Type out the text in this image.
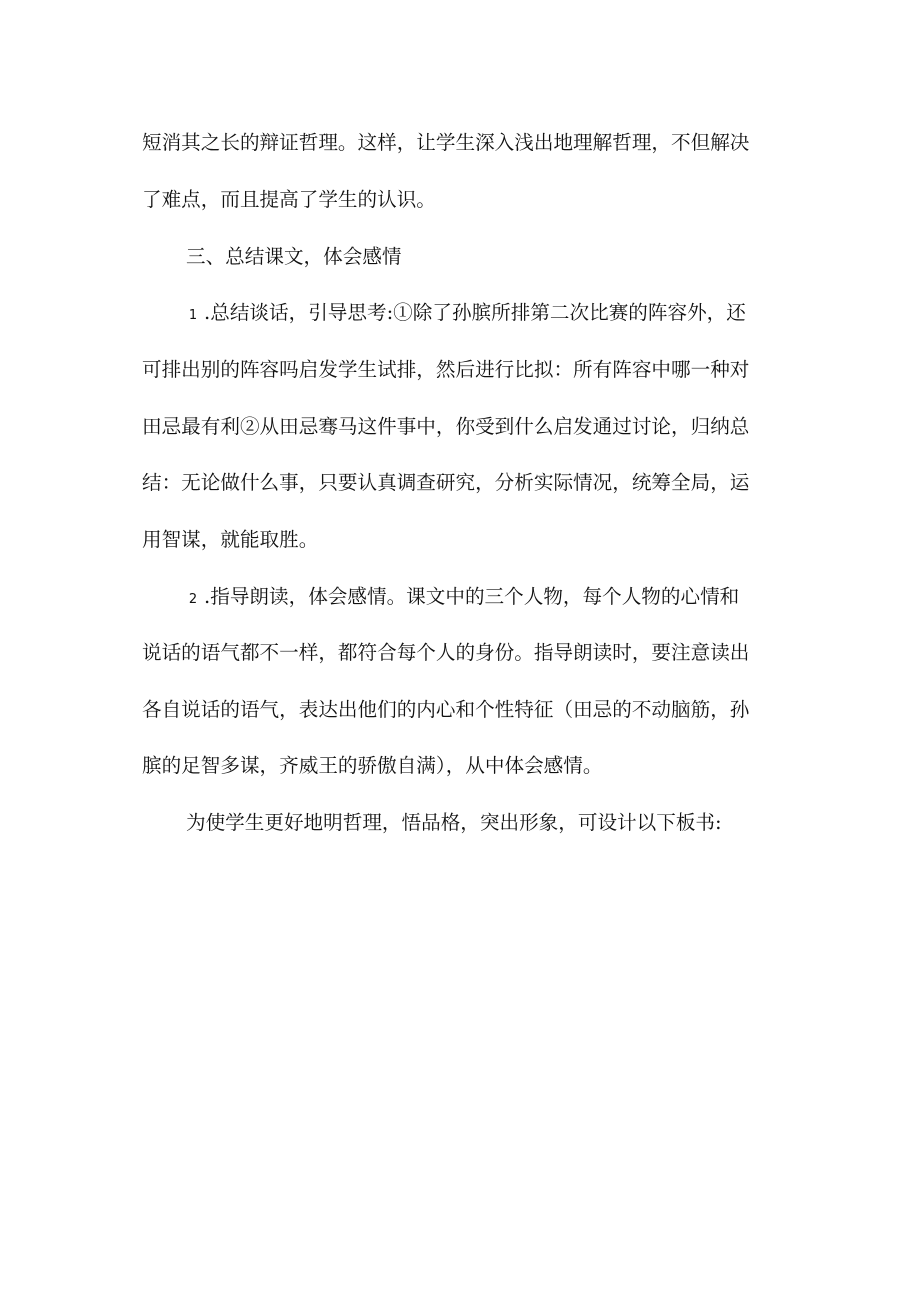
短消其之长的辩证哲理。这样，让学生深入浅出地理解哲理，不但解决
了难点，而且提高了学生的认识。
三、总结课文，体会感情
1 .总结谈话，引导思考:①除了孙膑所排第二次比赛的阵容外，还
可排出别的阵容吗启发学生试排，然后进行比拟：所有阵容中哪一种对
田忌最有利②从田忌骞马这件事中，你受到什么启发通过讨论，归纳总
结：无论做什么事，只要认真调查研究，分析实际情况，统筹全局，运
用智谋，就能取胜。
2 .指导朗读，体会感情。课文中的三个人物，每个人物的心情和
说话的语气都不一样，都符合每个人的身份。指导朗读时，要注意读出
各自说话的语气，表达出他们的内心和个性特征（田忌的不动脑筋，孙
膑的足智多谋，齐威王的骄傲自满），从中体会感情。
为使学生更好地明哲理，悟品格，突出形象，可设计以下板书:
